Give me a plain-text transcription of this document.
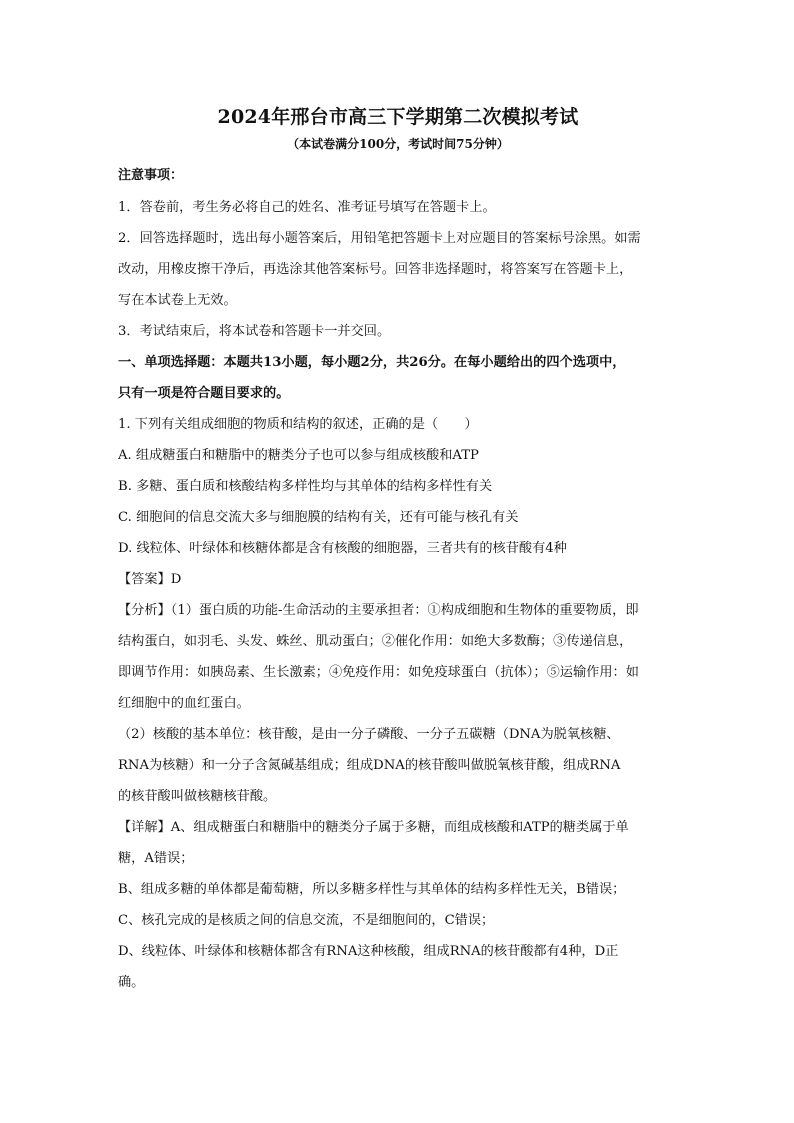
2024年邢台市高三下学期第二次模拟考试

（本试卷满分100分，考试时间75分钟）

注意事项：

1．答卷前，考生务必将自己的姓名、准考证号填写在答题卡上。

2．回答选择题时，选出每小题答案后，用铅笔把答题卡上对应题目的答案标号涂黑。如需

改动，用橡皮擦干净后，再选涂其他答案标号。回答非选择题时，将答案写在答题卡上，

写在本试卷上无效。

3．考试结束后，将本试卷和答题卡一并交回。

一、单项选择题：本题共13小题，每小题2分，共26分。在每小题给出的四个选项中，

只有一项是符合题目要求的。

1. 下列有关组成细胞的物质和结构的叙述，正确的是（　　）

A. 组成糖蛋白和糖脂中的糖类分子也可以参与组成核酸和ATP

B. 多糖、蛋白质和核酸结构多样性均与其单体的结构多样性有关

C. 细胞间的信息交流大多与细胞膜的结构有关，还有可能与核孔有关

D. 线粒体、叶绿体和核糖体都是含有核酸的细胞器，三者共有的核苷酸有4种

【答案】D

【分析】（1）蛋白质的功能-生命活动的主要承担者：①构成细胞和生物体的重要物质，即

结构蛋白，如羽毛、头发、蛛丝、肌动蛋白；②催化作用：如绝大多数酶；③传递信息，

即调节作用：如胰岛素、生长激素；④免疫作用：如免疫球蛋白（抗体）；⑤运输作用：如

红细胞中的血红蛋白。

（2）核酸的基本单位：核苷酸，是由一分子磷酸、一分子五碳糖（DNA为脱氧核糖、

RNA为核糖）和一分子含氮碱基组成；组成DNA的核苷酸叫做脱氧核苷酸，组成RNA

的核苷酸叫做核糖核苷酸。

【详解】A、组成糖蛋白和糖脂中的糖类分子属于多糖，而组成核酸和ATP的糖类属于单

糖，A错误；

B、组成多糖的单体都是葡萄糖，所以多糖多样性与其单体的结构多样性无关，B错误；

C、核孔完成的是核质之间的信息交流，不是细胞间的，C错误；

D、线粒体、叶绿体和核糖体都含有RNA这种核酸，组成RNA的核苷酸都有4种，D正

确。
